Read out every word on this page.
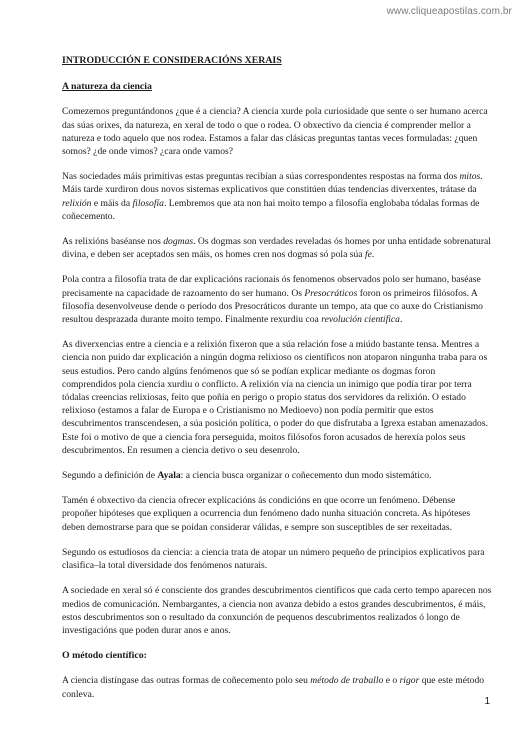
www.cliqueapostilas.com.br
INTRODUCCIÓN E CONSIDERACIÓNS XERAIS
A natureza da ciencia

Comezemos preguntándonos ¿que é a ciencia? A ciencia xurde pola curiosidade que sente o ser humano acerca das súas orixes, da natureza, en xeral de todo o que o rodea. O obxectivo da ciencia é comprender mellor a natureza e todo aquelo que nos rodea. Estamos a falar das clásicas preguntas tantas veces formuladas: ¿quen somos? ¿de onde vimos? ¿cara onde vamos?

Nas sociedades máis primitivas estas preguntas recibían a súas correspondentes respostas na forma dos mitos. Máis tarde xurdiron dous novos sistemas explicativos que constitúen dúas tendencias diverxentes, trátase da relixión e máis da filosofía. Lembremos que ata non hai moito tempo a filosofía englobaba tódalas formas de coñecemento.

As relixións baséanse nos dogmas. Os dogmas son verdades reveladas ós homes por unha entidade sobrenatural divina, e deben ser aceptados sen máis, os homes cren nos dogmas só pola súa fe.

Pola contra a filosofía trata de dar explicacións racionais ós fenomenos observados polo ser humano, baséase precisamente na capacidade de razoamento do ser humano. Os Presocráticos foron os primeiros filósofos. A filosofía desenvolveuse dende o período dos Presocráticos durante un tempo, ata que co auxe do Cristianismo resultou desprazada durante moito tempo. Finalmente rexurdiu coa revolución científica.

As diverxencias entre a ciencia e a relixión fixeron que a súa relación fose a miúdo bastante tensa. Mentres a ciencia non puido dar explicación a ningún dogma relixioso os científicos non atoparon ningunha traba para os seus estudios. Pero cando algúns fenómenos que só se podían explicar mediante os dogmas foron comprendidos pola ciencia xurdiu o conflicto. A relixión vía na ciencia un inimigo que podía tirar por terra tódalas creencias relixiosas, feito que poñía en perigo o propio status dos servidores da relixión. O estado relixioso (estamos a falar de Europa e o Cristianismo no Medioevo) non podía permitir que estos descubrimentos transcendesen, a súa posición política, o poder do que disfrutaba a Igrexa estaban amenazados. Este foi o motivo de que a ciencia fora perseguida, moitos filósofos foron acusados de herexía polos seus descubrimentos. En resumen a ciencia detivo o seu desenrolo.

Segundo a definición de Ayala: a ciencia busca organizar o coñecemento dun modo sistemático.

Tamén é obxectivo da ciencia ofrecer explicacións ás condicións en que ocorre un fenómeno. Débense propoñer hipóteses que expliquen a ocurrencia dun fenómeno dado nunha situación concreta. As hipóteses deben demostrarse para que se poidan considerar válidas, e sempre son susceptibles de ser rexeitadas.

Segundo os estudiosos da ciencia: a ciencia trata de atopar un número pequeño de principios explicativos para clasifica–la total diversidade dos fenómenos naturais.

A sociedade en xeral só é consciente dos grandes descubrimentos científicos que cada certo tempo aparecen nos medios de comunicación. Nembargantes, a ciencia non avanza debido a estos grandes descubrimentos, é máis, estos descubrimentos son o resultado da conxunción de pequenos descubrimentos realizados ó longo de investigacións que poden durar anos e anos.

O método científico:

A ciencia distíngase das outras formas de coñecemento polo seu método de traballo e o rigor que este método conleva.

1
